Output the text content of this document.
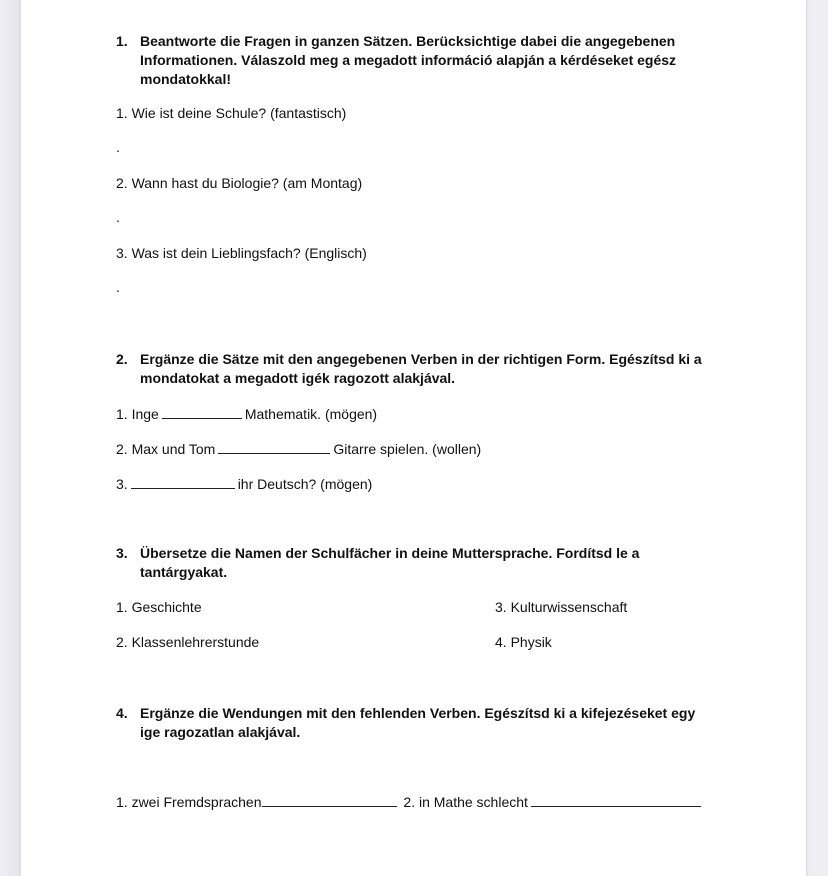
1. Beantworte die Fragen in ganzen Sätzen. Berücksichtige dabei die angegebenen Informationen. Válaszold meg a megadott információ alapján a kérdéseket egész mondatokkal!
1. Wie ist deine Schule? (fantastisch)
.
2. Wann hast du Biologie? (am Montag)
.
3. Was ist dein Lieblingsfach? (Englisch)
.
2. Ergänze die Sätze mit den angegebenen Verben in der richtigen Form. Egészítsd ki a mondatokat a megadott igék ragozott alakjával.
1. Inge	Mathematik. (mögen)
2. Max und Tom	Gitarre spielen. (wollen)
3.	ihr Deutsch? (mögen)
3. Übersetze die Namen der Schulfächer in deine Muttersprache. Fordítsd le a tantárgyakat.
1. Geschichte
2. Klassenlehrerstunde
3. Kulturwissenschaft
4. Physik
4. Ergänze die Wendungen mit den fehlenden Verben. Egészítsd ki a kifejezéseket egy ige ragozatlan alakjával.
1. zwei Fremdsprachen	2. in Mathe schlecht
